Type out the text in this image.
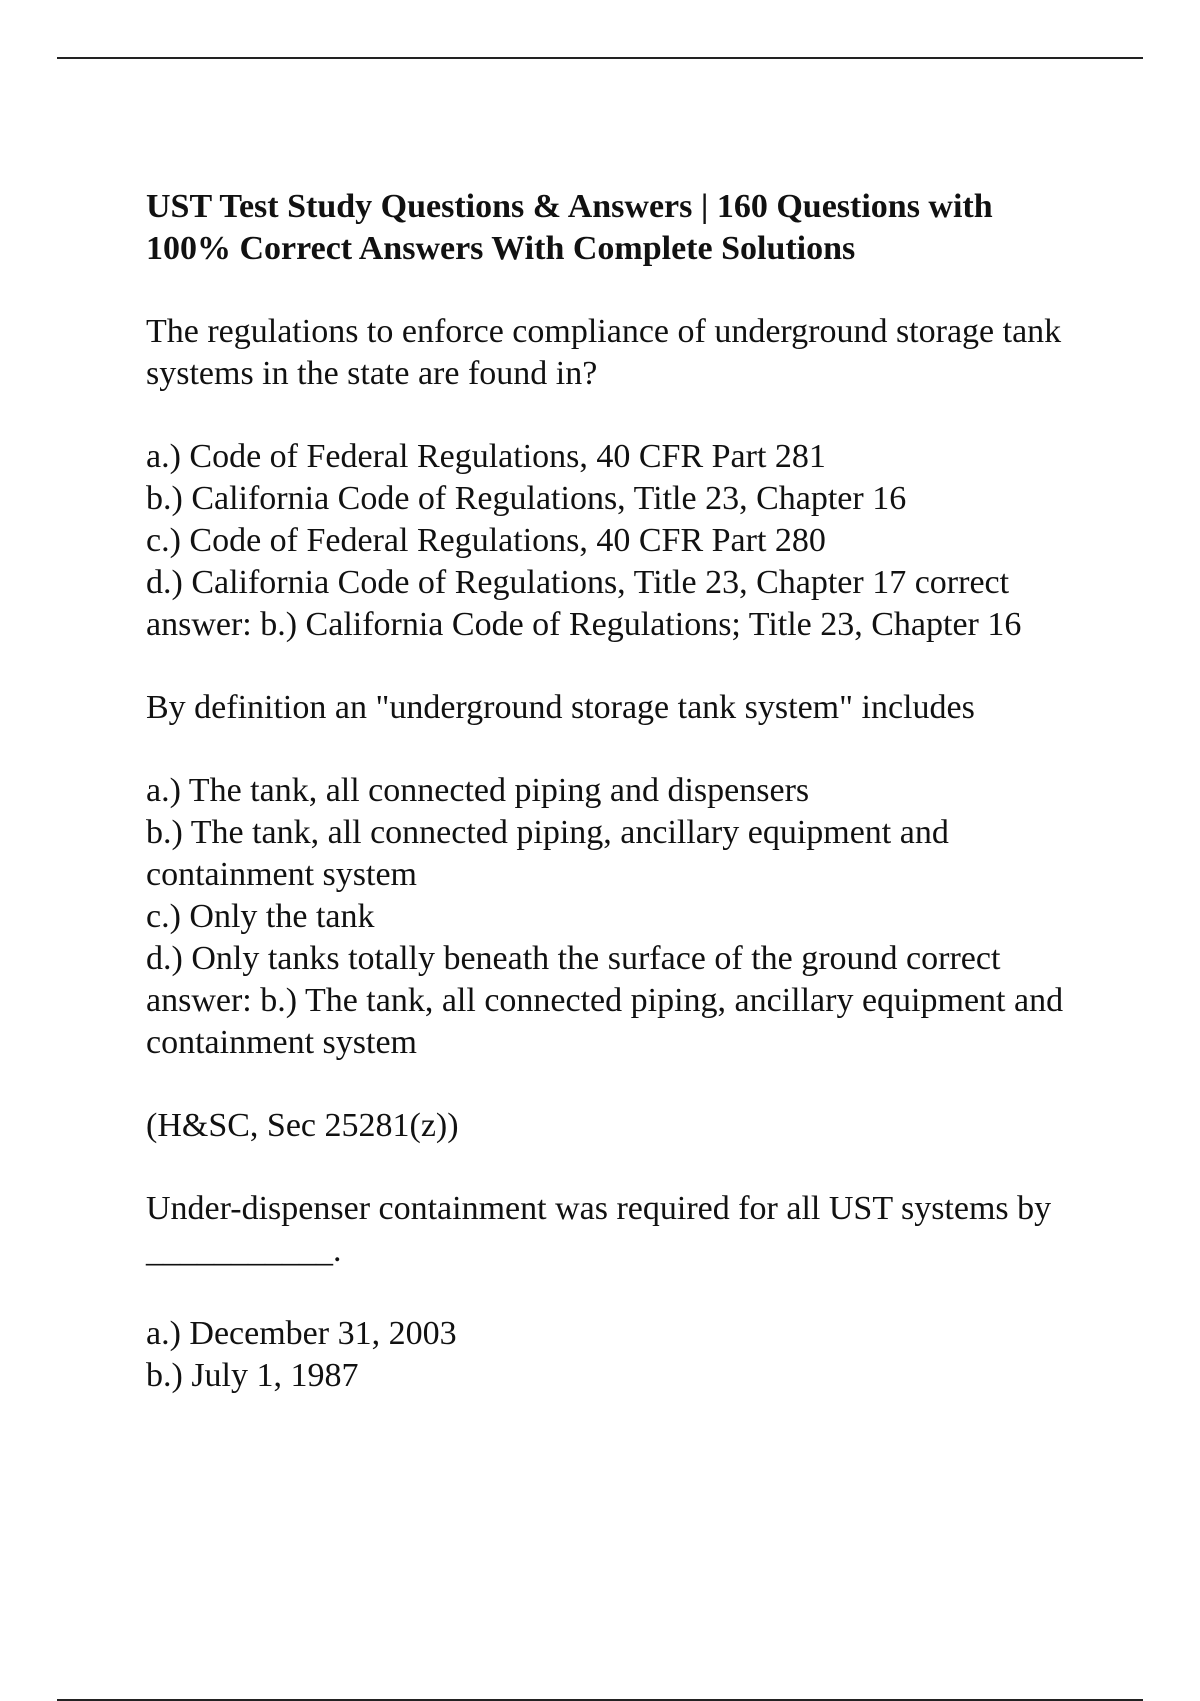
UST Test Study Questions & Answers | 160 Questions with 100% Correct Answers With Complete Solutions

The regulations to enforce compliance of underground storage tank systems in the state are found in?

a.) Code of Federal Regulations, 40 CFR Part 281

b.) California Code of Regulations, Title 23, Chapter 16

c.) Code of Federal Regulations, 40 CFR Part 280

d.) California Code of Regulations, Title 23, Chapter 17 correct answer: b.) California Code of Regulations; Title 23, Chapter 16

By definition an "underground storage tank system" includes

a.) The tank, all connected piping and dispensers

b.) The tank, all connected piping, ancillary equipment and containment system

c.) Only the tank

d.) Only tanks totally beneath the surface of the ground correct answer: b.) The tank, all connected piping, ancillary equipment and containment system

(H&SC, Sec 25281(z))

Under-dispenser containment was required for all UST systems by ___________.

a.) December 31, 2003

b.) July 1, 1987
